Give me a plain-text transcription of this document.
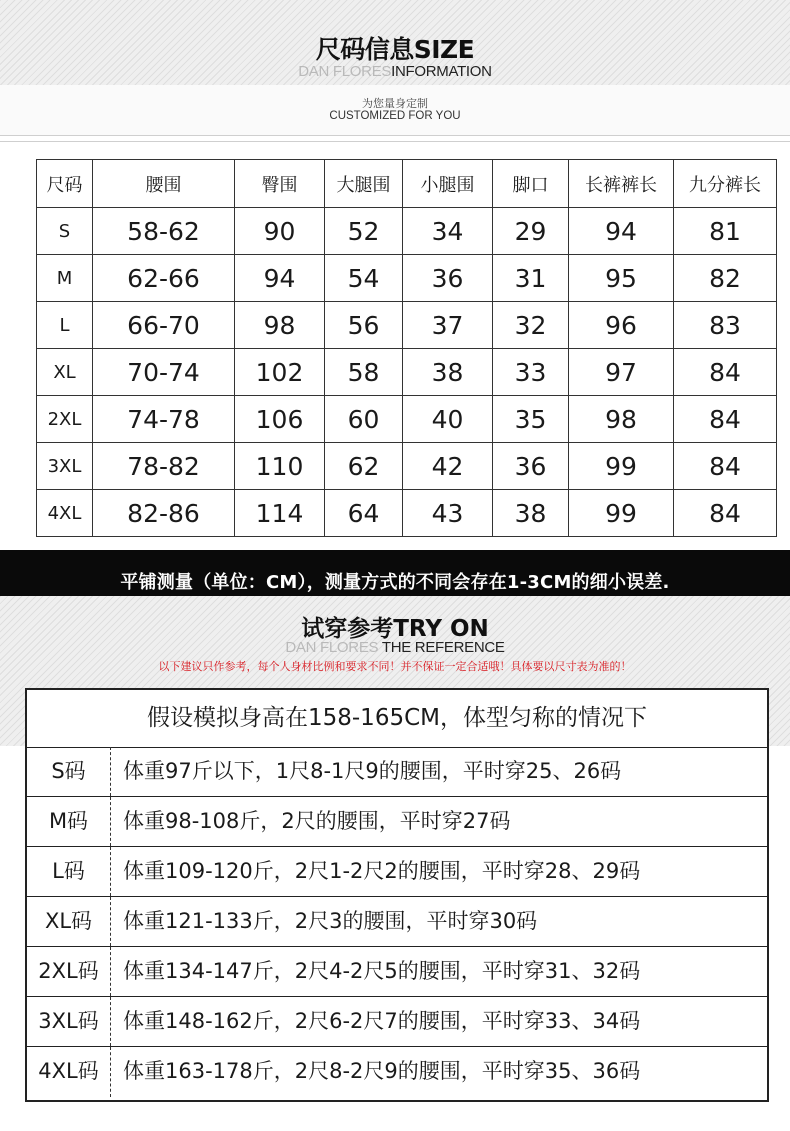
尺码信息SIZE
DAN FLORESINFORMATION
为您量身定制
CUSTOMIZED FOR YOU
尺码	腰围	臀围	大腿围	小腿围	脚口	长裤裤长	九分裤长
S	58-62	90	52	34	29	94	81
M	62-66	94	54	36	31	95	82
L	66-70	98	56	37	32	96	83
XL	70-74	102	58	38	33	97	84
2XL	74-78	106	60	40	35	98	84
3XL	78-82	110	62	42	36	99	84
4XL	82-86	114	64	43	38	99	84
平铺测量（单位：CM），测量方式的不同会存在1-3CM的细小误差.
试穿参考TRY ON
DAN FLORES THE REFERENCE
以下建议只作参考，每个人身材比例和要求不同！并不保证一定合适哦！具体要以尺寸表为准的！
假设模拟身高在158-165CM，体型匀称的情况下
S码	体重97斤以下，1尺8-1尺9的腰围，平时穿25、26码
M码	体重98-108斤，2尺的腰围，平时穿27码
L码	体重109-120斤，2尺1-2尺2的腰围，平时穿28、29码
XL码	体重121-133斤，2尺3的腰围，平时穿30码
2XL码	体重134-147斤，2尺4-2尺5的腰围，平时穿31、32码
3XL码	体重148-162斤，2尺6-2尺7的腰围，平时穿33、34码
4XL码	体重163-178斤，2尺8-2尺9的腰围，平时穿35、36码
